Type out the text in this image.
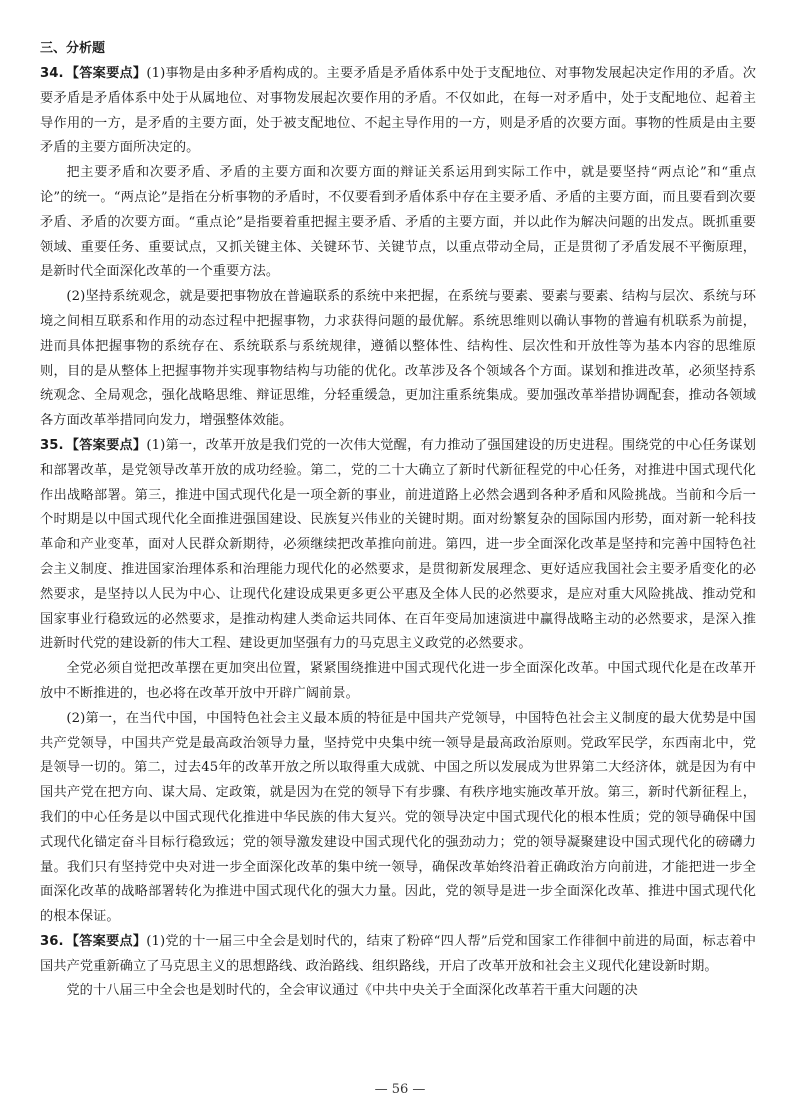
三、分析题

34. 【答案要点】(1)事物是由多种矛盾构成的。主要矛盾是矛盾体系中处于支配地位、对事物发展起决定作用的矛盾。次要矛盾是矛盾体系中处于从属地位、对事物发展起次要作用的矛盾。不仅如此，在每一对矛盾中，处于支配地位、起着主导作用的一方，是矛盾的主要方面，处于被支配地位、不起主导作用的一方，则是矛盾的次要方面。事物的性质是由主要矛盾的主要方面所决定的。

把主要矛盾和次要矛盾、矛盾的主要方面和次要方面的辩证关系运用到实际工作中，就是要坚持“两点论”和“重点论”的统一。“两点论”是指在分析事物的矛盾时，不仅要看到矛盾体系中存在主要矛盾、矛盾的主要方面，而且要看到次要矛盾、矛盾的次要方面。“重点论”是指要着重把握主要矛盾、矛盾的主要方面，并以此作为解决问题的出发点。既抓重要领域、重要任务、重要试点，又抓关键主体、关键环节、关键节点，以重点带动全局，正是贯彻了矛盾发展不平衡原理，是新时代全面深化改革的一个重要方法。

(2)坚持系统观念，就是要把事物放在普遍联系的系统中来把握，在系统与要素、要素与要素、结构与层次、系统与环境之间相互联系和作用的动态过程中把握事物，力求获得问题的最优解。系统思维则以确认事物的普遍有机联系为前提，进而具体把握事物的系统存在、系统联系与系统规律，遵循以整体性、结构性、层次性和开放性等为基本内容的思维原则，目的是从整体上把握事物并实现事物结构与功能的优化。改革涉及各个领域各个方面。谋划和推进改革，必须坚持系统观念、全局观念，强化战略思维、辩证思维，分轻重缓急，更加注重系统集成。要加强改革举措协调配套，推动各领域各方面改革举措同向发力，增强整体效能。

35. 【答案要点】(1)第一，改革开放是我们党的一次伟大觉醒，有力推动了强国建设的历史进程。围绕党的中心任务谋划和部署改革，是党领导改革开放的成功经验。第二，党的二十大确立了新时代新征程党的中心任务，对推进中国式现代化作出战略部署。第三，推进中国式现代化是一项全新的事业，前进道路上必然会遇到各种矛盾和风险挑战。当前和今后一个时期是以中国式现代化全面推进强国建设、民族复兴伟业的关键时期。面对纷繁复杂的国际国内形势，面对新一轮科技革命和产业变革，面对人民群众新期待，必须继续把改革推向前进。第四，进一步全面深化改革是坚持和完善中国特色社会主义制度、推进国家治理体系和治理能力现代化的必然要求，是贯彻新发展理念、更好适应我国社会主要矛盾变化的必然要求，是坚持以人民为中心、让现代化建设成果更多更公平惠及全体人民的必然要求，是应对重大风险挑战、推动党和国家事业行稳致远的必然要求，是推动构建人类命运共同体、在百年变局加速演进中赢得战略主动的必然要求，是深入推进新时代党的建设新的伟大工程、建设更加坚强有力的马克思主义政党的必然要求。

全党必须自觉把改革摆在更加突出位置，紧紧围绕推进中国式现代化进一步全面深化改革。中国式现代化是在改革开放中不断推进的，也必将在改革开放中开辟广阔前景。

(2)第一，在当代中国，中国特色社会主义最本质的特征是中国共产党领导，中国特色社会主义制度的最大优势是中国共产党领导，中国共产党是最高政治领导力量，坚持党中央集中统一领导是最高政治原则。党政军民学，东西南北中，党是领导一切的。第二，过去45年的改革开放之所以取得重大成就、中国之所以发展成为世界第二大经济体，就是因为有中国共产党在把方向、谋大局、定政策，就是因为在党的领导下有步骤、有秩序地实施改革开放。第三，新时代新征程上，我们的中心任务是以中国式现代化推进中华民族的伟大复兴。党的领导决定中国式现代化的根本性质；党的领导确保中国式现代化锚定奋斗目标行稳致远；党的领导激发建设中国式现代化的强劲动力；党的领导凝聚建设中国式现代化的磅礴力量。我们只有坚持党中央对进一步全面深化改革的集中统一领导，确保改革始终沿着正确政治方向前进，才能把进一步全面深化改革的战略部署转化为推进中国式现代化的强大力量。因此，党的领导是进一步全面深化改革、推进中国式现代化的根本保证。

36. 【答案要点】(1)党的十一届三中全会是划时代的，结束了粉碎“四人帮”后党和国家工作徘徊中前进的局面，标志着中国共产党重新确立了马克思主义的思想路线、政治路线、组织路线，开启了改革开放和社会主义现代化建设新时期。

党的十八届三中全会也是划时代的，全会审议通过《中共中央关于全面深化改革若干重大问题的决

— 56 —
